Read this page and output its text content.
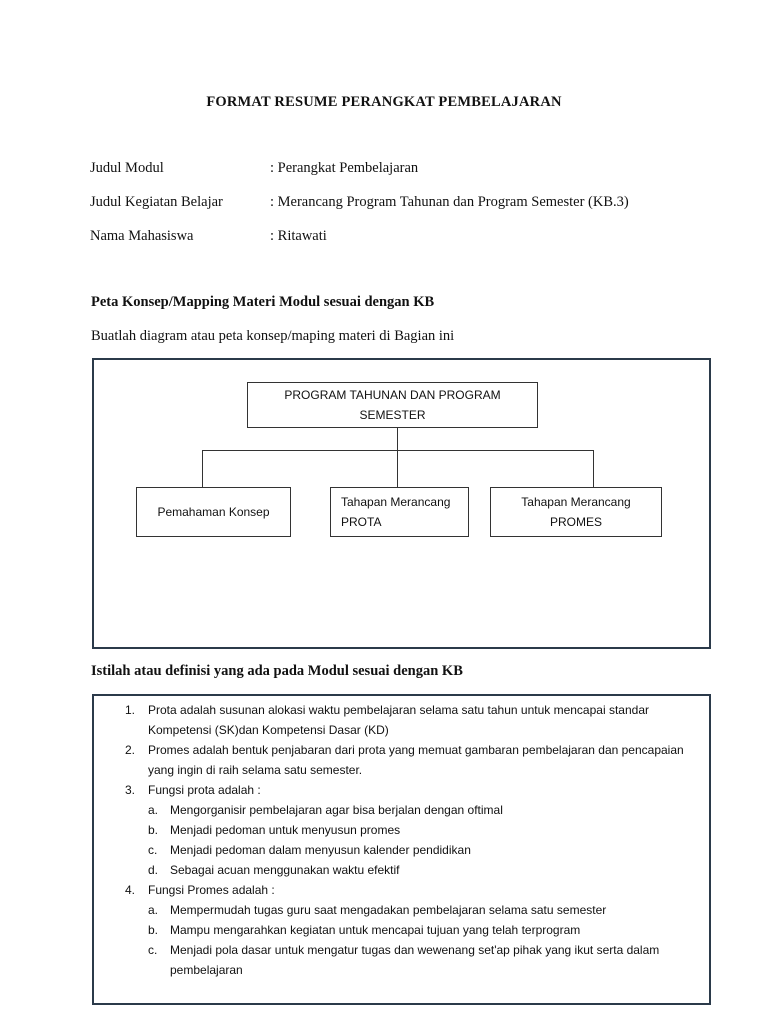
FORMAT RESUME PERANGKAT PEMBELAJARAN
Judul Modul	: Perangkat Pembelajaran
Judul Kegiatan Belajar	: Merancang Program Tahunan dan Program Semester (KB.3)
Nama Mahasiswa	: Ritawati
Peta Konsep/Mapping Materi Modul sesuai dengan KB
Buatlah diagram atau peta konsep/maping materi di Bagian ini
PROGRAM TAHUNAN DAN PROGRAM
SEMESTER
Pemahaman Konsep
Tahapan Merancang
PROTA
Tahapan Merancang
PROMES
Istilah atau definisi yang ada pada Modul sesuai dengan KB
1. Prota adalah susunan alokasi waktu pembelajaran selama satu tahun untuk mencapai standar Kompetensi (SK)dan Kompetensi Dasar (KD)
2. Promes adalah bentuk penjabaran dari prota yang memuat gambaran pembelajaran dan pencapaian yang ingin di raih selama satu semester.
3. Fungsi prota adalah :
a. Mengorganisir pembelajaran agar bisa berjalan dengan oftimal
b. Menjadi pedoman untuk menyusun promes
c. Menjadi pedoman dalam menyusun kalender pendidikan
d. Sebagai acuan menggunakan waktu efektif
4. Fungsi Promes adalah :
a. Mempermudah tugas guru saat mengadakan pembelajaran selama satu semester
b. Mampu mengarahkan kegiatan untuk mencapai tujuan yang telah terprogram
c. Menjadi pola dasar untuk mengatur tugas dan wewenang set'ap pihak yang ikut serta dalam pembelajaran
